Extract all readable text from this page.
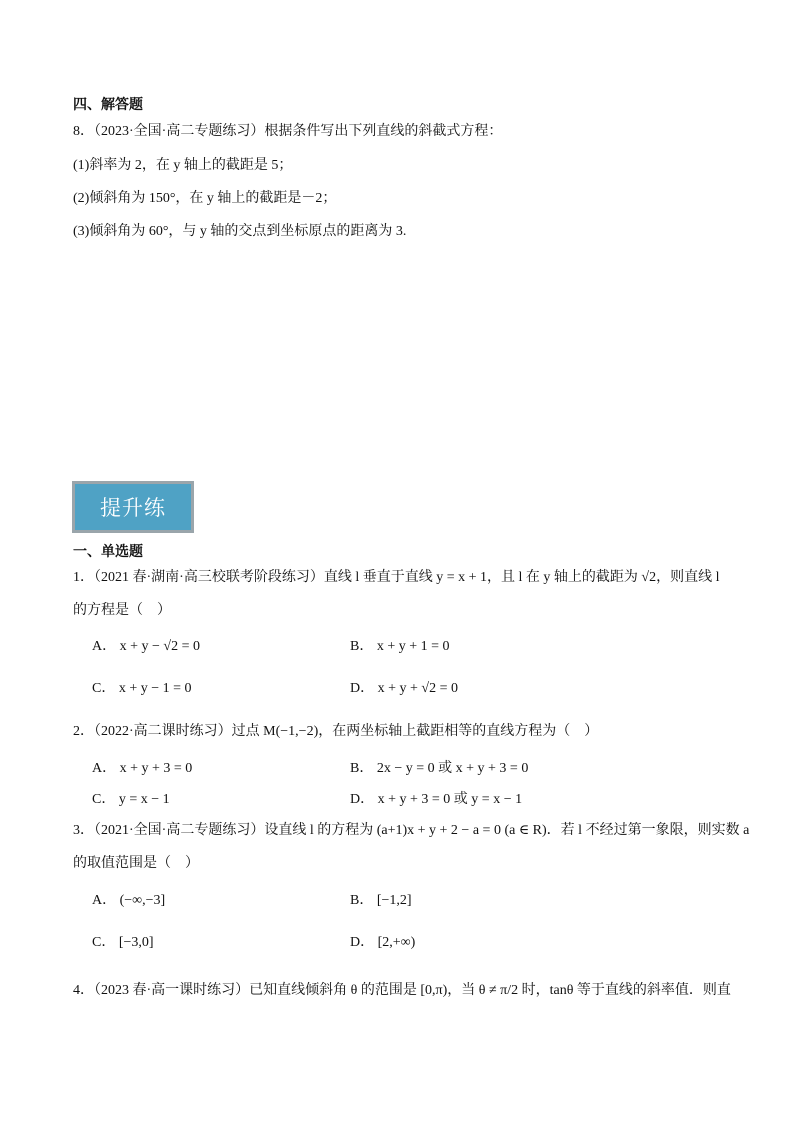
四、解答题
8．（2023·全国·高二专题练习）根据条件写出下列直线的斜截式方程：
(1)斜率为 2，在 y 轴上的截距是 5；
(2)倾斜角为 150°，在 y 轴上的截距是－2；
(3)倾斜角为 60°，与 y 轴的交点到坐标原点的距离为 3.
提升练
一、单选题
1．（2021 春·湖南·高三校联考阶段练习）直线 l 垂直于直线 y = x + 1，且 l 在 y 轴上的截距为 √2，则直线 l
的方程是（　）
A． x + y − √2 = 0	B． x + y + 1 = 0
C． x + y − 1 = 0	D． x + y + √2 = 0
2．（2022·高二课时练习）过点 M(−1,−2)，在两坐标轴上截距相等的直线方程为（　）
A． x + y + 3 = 0	B． 2x − y = 0 或 x + y + 3 = 0
C． y = x − 1	D． x + y + 3 = 0 或 y = x − 1
3．（2021·全国·高二专题练习）设直线 l 的方程为 (a+1)x + y + 2 − a = 0 (a ∈ R)．若 l 不经过第一象限，则实数 a
的取值范围是（　）
A． (−∞,−3]	B． [−1,2]
C． [−3,0]	D． [2,+∞)
4．（2023 春·高一课时练习）已知直线倾斜角 θ 的范围是 [0,π)，当 θ ≠ π/2 时，tanθ 等于直线的斜率值．则直
